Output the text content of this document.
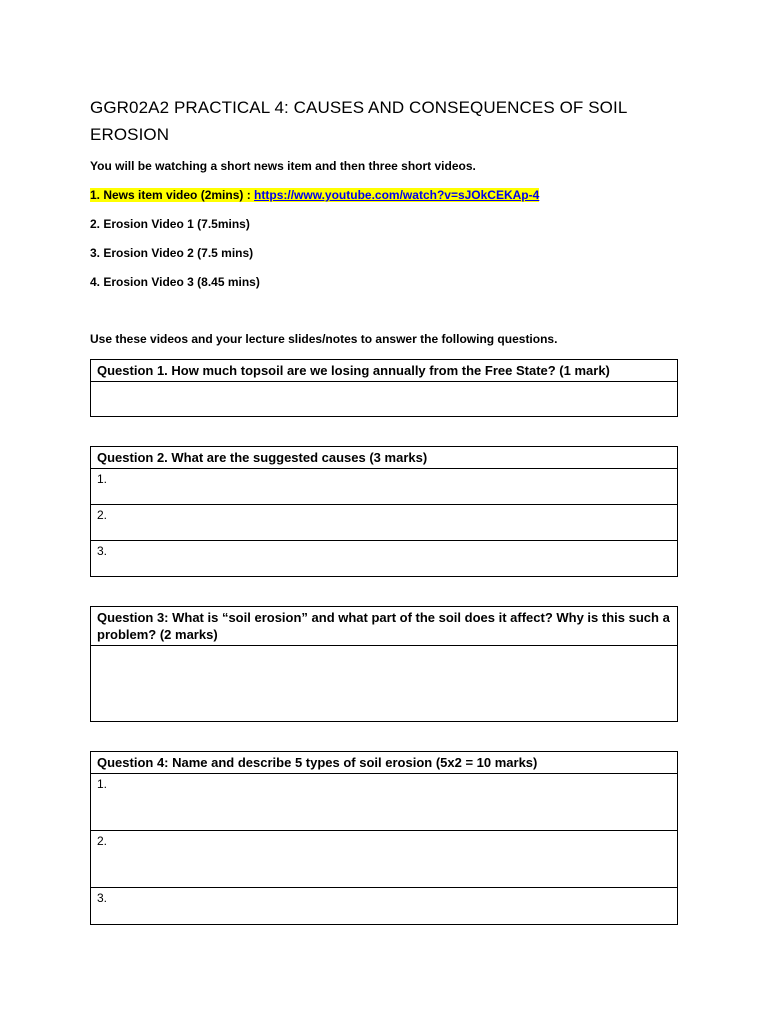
GGR02A2 PRACTICAL 4: CAUSES AND CONSEQUENCES OF SOIL EROSION

You will be watching a short news item and then three short videos.

1. News item video (2mins) : https://www.youtube.com/watch?v=sJOkCEKAp-4

2. Erosion Video 1 (7.5mins)

3. Erosion Video 2 (7.5 mins)

4. Erosion Video 3 (8.45 mins)

Use these videos and your lecture slides/notes to answer the following questions.

Question 1. How much topsoil are we losing annually from the Free State? (1 mark)

Question 2. What are the suggested causes (3 marks)
1.
2.
3.
Question 3: What is “soil erosion” and what part of the soil does it affect? Why is this such a problem? (2 marks)

Question 4: Name and describe 5 types of soil erosion (5x2 = 10 marks)
1.
2.
3.
